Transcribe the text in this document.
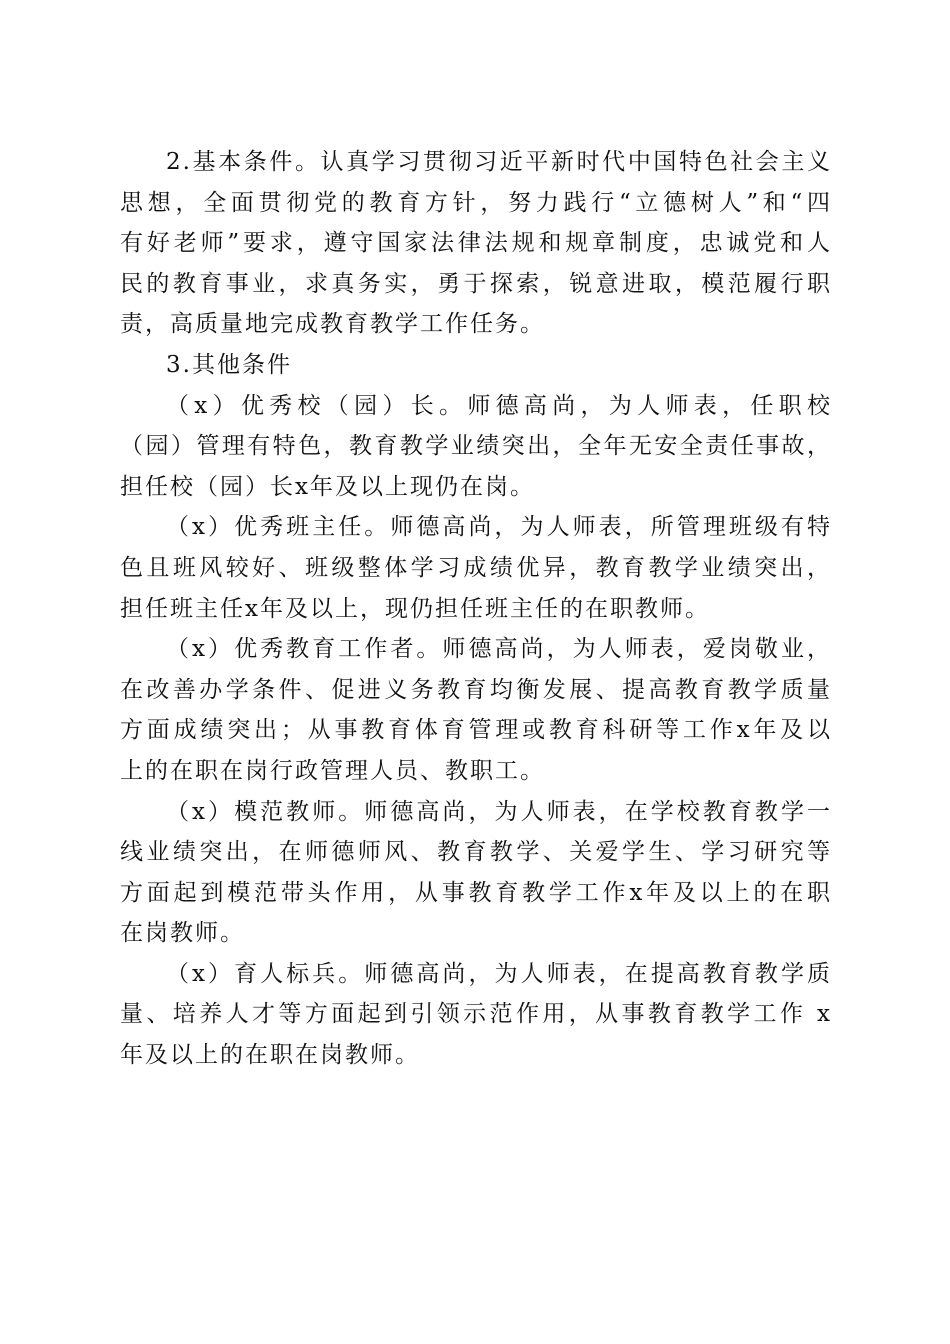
2.基本条件。认真学习贯彻习近平新时代中国特色社会主义
思想，全面贯彻党的教育方针，努力践行“立德树人”和“四
有好老师”要求，遵守国家法律法规和规章制度，忠诚党和人
民的教育事业，求真务实，勇于探索，锐意进取，模范履行职
责，高质量地完成教育教学工作任务。
3.其他条件
（x）优秀校（园）长。师德高尚，为人师表，任职校
（园）管理有特色，教育教学业绩突出，全年无安全责任事故，
担任校（园）长x年及以上现仍在岗。
（x）优秀班主任。师德高尚，为人师表，所管理班级有特
色且班风较好、班级整体学习成绩优异，教育教学业绩突出，
担任班主任x年及以上，现仍担任班主任的在职教师。
（x）优秀教育工作者。师德高尚，为人师表，爱岗敬业，
在改善办学条件、促进义务教育均衡发展、提高教育教学质量
方面成绩突出；从事教育体育管理或教育科研等工作x年及以
上的在职在岗行政管理人员、教职工。
（x）模范教师。师德高尚，为人师表，在学校教育教学一
线业绩突出，在师德师风、教育教学、关爱学生、学习研究等
方面起到模范带头作用，从事教育教学工作x年及以上的在职
在岗教师。
（x）育人标兵。师德高尚，为人师表，在提高教育教学质
量、培养人才等方面起到引领示范作用，从事教育教学工作 x
年及以上的在职在岗教师。
